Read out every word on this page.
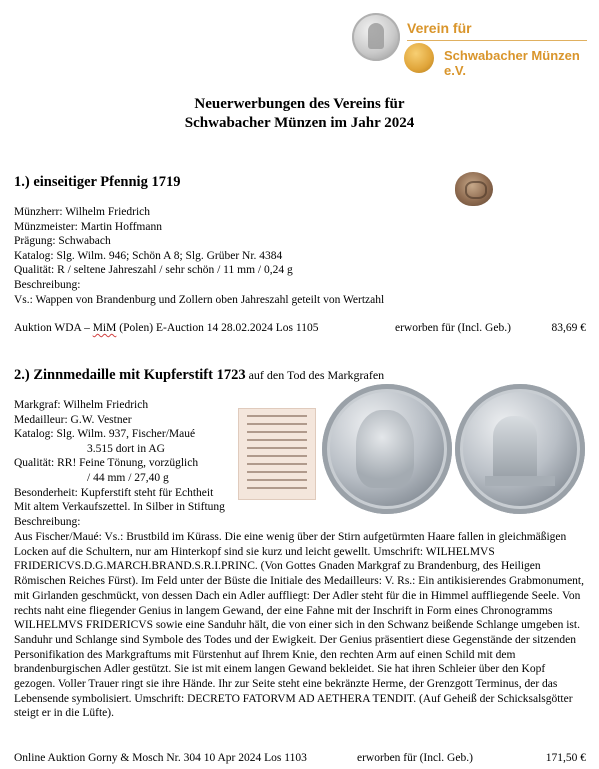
Verein für
Schwabacher Münzen e.V.
Neuerwerbungen des Vereins für
Schwabacher Münzen im Jahr 2024
1.) einseitiger Pfennig 1719
Münzherr: Wilhelm Friedrich
Münzmeister: Martin Hoffmann
Prägung: Schwabach
Katalog: Slg. Wilm. 946; Schön A 8; Slg. Grüber Nr. 4384
Qualität: R / seltene Jahreszahl / sehr schön / 11 mm / 0,24 g
Beschreibung:
Vs.: Wappen von Brandenburg und Zollern oben Jahreszahl geteilt von Wertzahl
Auktion WDA – MiM (Polen) E-Auction 14 28.02.2024 Los 1105	erworben für (Incl. Geb.)	83,69 €
2.) Zinnmedaille mit Kupferstift 1723 auf den Tod des Markgrafen
Markgraf: Wilhelm Friedrich
Medailleur: G.W. Vestner
Katalog: Slg. Wilm. 937, Fischer/Maué
3.515 dort in AG
Qualität: RR! Feine Tönung, vorzüglich
/ 44 mm / 27,40 g
Besonderheit: Kupferstift steht für Echtheit
Mit altem Verkaufszettel. In Silber in Stiftung
Beschreibung:
Aus Fischer/Maué: Vs.: Brustbild im Kürass. Die eine wenig über der Stirn aufgetürmten Haare fallen in gleichmäßigen Locken auf die Schultern, nur am Hinterkopf sind sie kurz und leicht gewellt. Umschrift: WILHELMVS FRIDERICVS.D.G.MARCH.BRAND.S.R.I.PRINC. (Von Gottes Gnaden Markgraf zu Brandenburg, des Heiligen Römischen Reiches Fürst). Im Feld unter der Büste die Initiale des Medailleurs: V. Rs.: Ein antikisierendes Grabmonument, mit Girlanden geschmückt, von dessen Dach ein Adler auffliegt: Der Adler steht für die in Himmel auffliegende Seele. Von rechts naht eine fliegender Genius in langem Gewand, der eine Fahne mit der Inschrift in Form eines Chronogramms WILHELMVS FRIDERICVS sowie eine Sanduhr hält, die von einer sich in den Schwanz beißende Schlange umgeben ist. Sanduhr und Schlange sind Symbole des Todes und der Ewigkeit. Der Genius präsentiert diese Gegenstände der sitzenden Personifikation des Markgraftums mit Fürstenhut auf Ihrem Knie, den rechten Arm auf einen Schild mit dem brandenburgischen Adler gestützt. Sie ist mit einem langen Gewand bekleidet. Sie hat ihren Schleier über den Kopf gezogen. Voller Trauer ringt sie ihre Hände. Ihr zur Seite steht eine bekränzte Herme, der Grenzgott Terminus, der das Lebensende symbolisiert. Umschrift: DECRETO FATORVM AD AETHERA TENDIT. (Auf Geheiß der Schicksalsgötter steigt er in die Lüfte).
Online Auktion Gorny & Mosch Nr. 304 10 Apr 2024 Los 1103	erworben für (Incl. Geb.)	171,50 €
